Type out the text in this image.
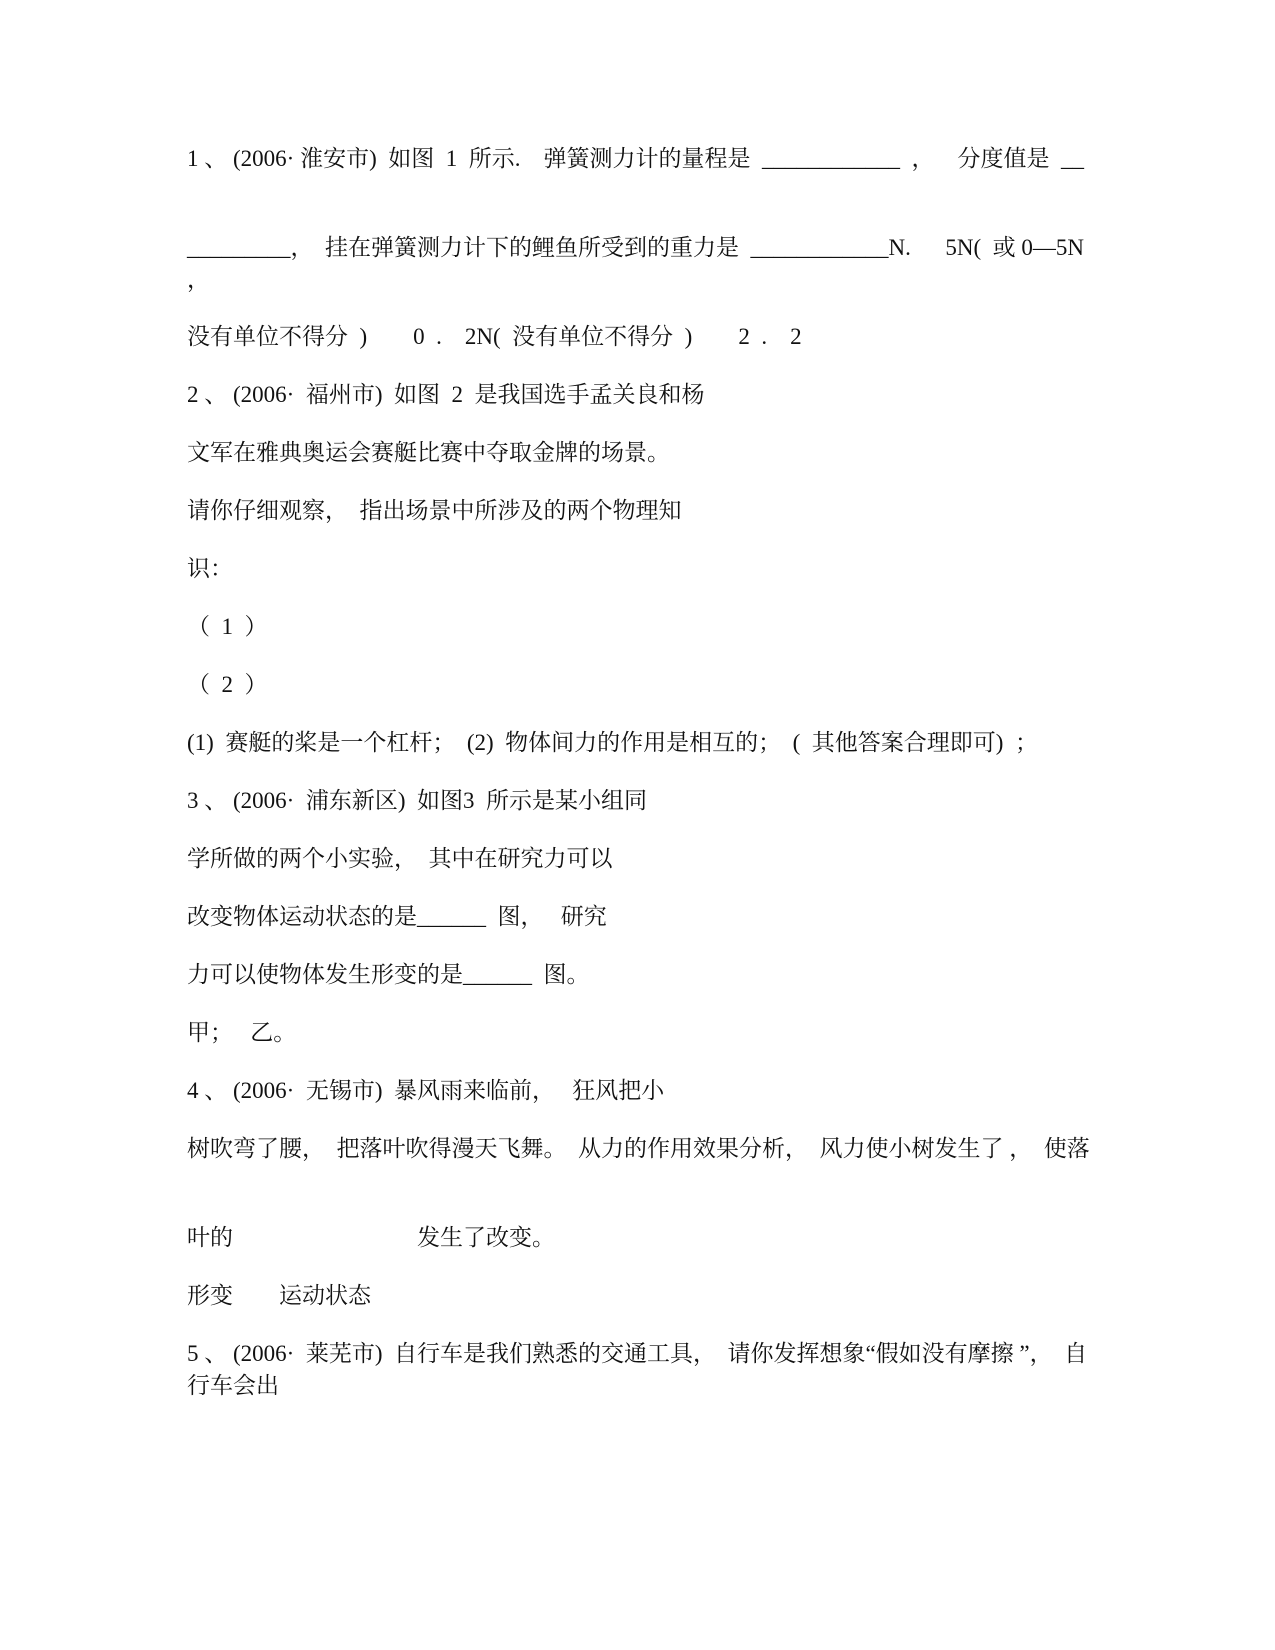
1 、 (2006· 淮安市)  如图  1  所示.    弹簧测力计的量程是  ____________  ，    分度值是  __
_________，  挂在弹簧测力计下的鲤鱼所受到的重力是  ____________N.      5N(  或 0—5N  ，
没有单位不得分  )        0  .    2N(  没有单位不得分  )        2  .    2
2 、 (2006·  福州市)  如图  2  是我国选手孟关良和杨
文军在雅典奥运会赛艇比赛中夺取金牌的场景。
请你仔细观察，  指出场景中所涉及的两个物理知
识：
（  1  ）
（  2  ）
(1)  赛艇的桨是一个杠杆；  (2)  物体间力的作用是相互的；  (  其他答案合理即可)  ；
3 、 (2006·  浦东新区)  如图3  所示是某小组同
学所做的两个小实验，  其中在研究力可以
改变物体运动状态的是______  图，   研究
力可以使物体发生形变的是______  图。
甲；   乙。
4 、 (2006·  无锡市)  暴风雨来临前，   狂风把小
树吹弯了腰，  把落叶吹得漫天飞舞。  从力的作用效果分析，  风力使小树发生了 ，  使落
叶的                                发生了改变。
形变        运动状态
5 、 (2006·  莱芜市)  自行车是我们熟悉的交通工具，  请你发挥想象“假如没有摩擦 ”，  自行车会出
